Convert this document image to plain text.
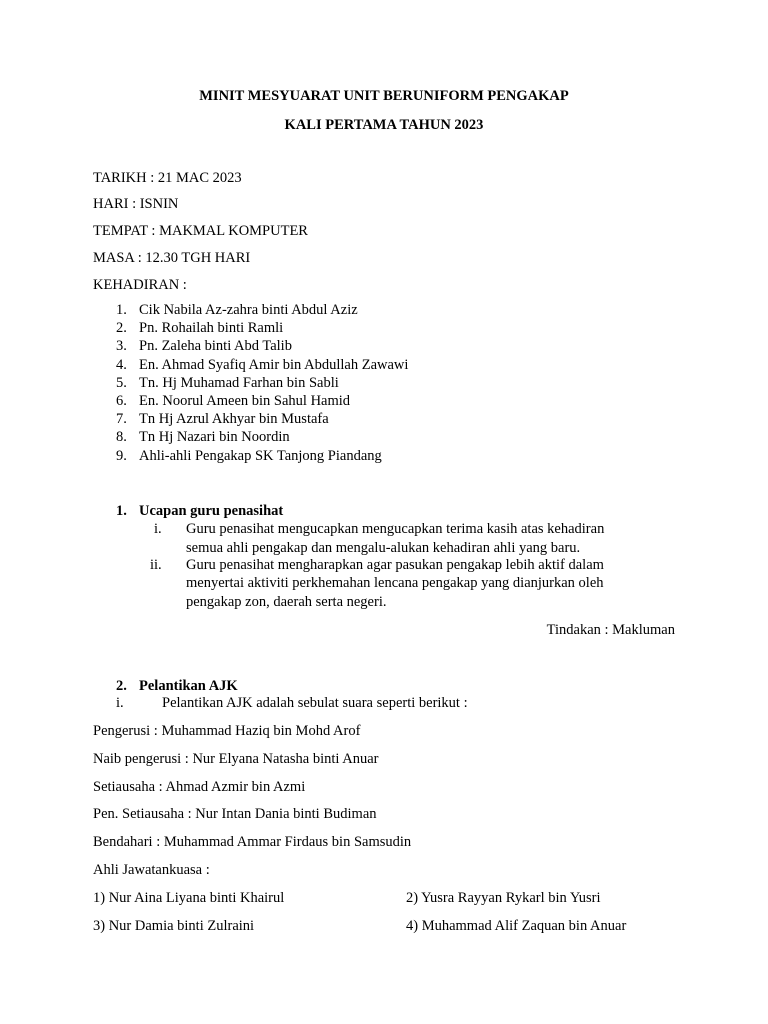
MINIT MESYUARAT UNIT BERUNIFORM PENGAKAP
KALI PERTAMA TAHUN 2023
TARIKH : 21 MAC 2023
HARI : ISNIN
TEMPAT : MAKMAL KOMPUTER
MASA : 12.30 TGH HARI
KEHADIRAN :
1. Cik Nabila Az-zahra binti Abdul Aziz
2. Pn. Rohailah binti Ramli
3. Pn. Zaleha binti Abd Talib
4. En. Ahmad Syafiq Amir bin Abdullah Zawawi
5. Tn. Hj Muhamad Farhan bin Sabli
6. En. Noorul Ameen bin Sahul Hamid
7. Tn Hj Azrul Akhyar bin Mustafa
8. Tn Hj Nazari bin Noordin
9. Ahli-ahli Pengakap SK Tanjong Piandang
1. Ucapan guru penasihat
i. Guru penasihat mengucapkan mengucapkan terima kasih atas kehadiran
semua ahli pengakap dan mengalu-alukan kehadiran ahli yang baru.
ii. Guru penasihat mengharapkan agar pasukan pengakap lebih aktif dalam
menyertai aktiviti perkhemahan lencana pengakap yang dianjurkan oleh
pengakap zon, daerah serta negeri.
Tindakan : Makluman
2. Pelantikan AJK
i.	Pelantikan AJK adalah sebulat suara seperti berikut :
Pengerusi : Muhammad Haziq bin Mohd Arof
Naib pengerusi : Nur Elyana Natasha binti Anuar
Setiausaha : Ahmad Azmir bin Azmi
Pen. Setiausaha : Nur Intan Dania binti Budiman
Bendahari : Muhammad Ammar Firdaus bin Samsudin
Ahli Jawatankuasa :
1) Nur Aina Liyana binti Khairul	2) Yusra Rayyan Rykarl bin Yusri
3) Nur Damia binti Zulraini	4) Muhammad Alif Zaquan bin Anuar
